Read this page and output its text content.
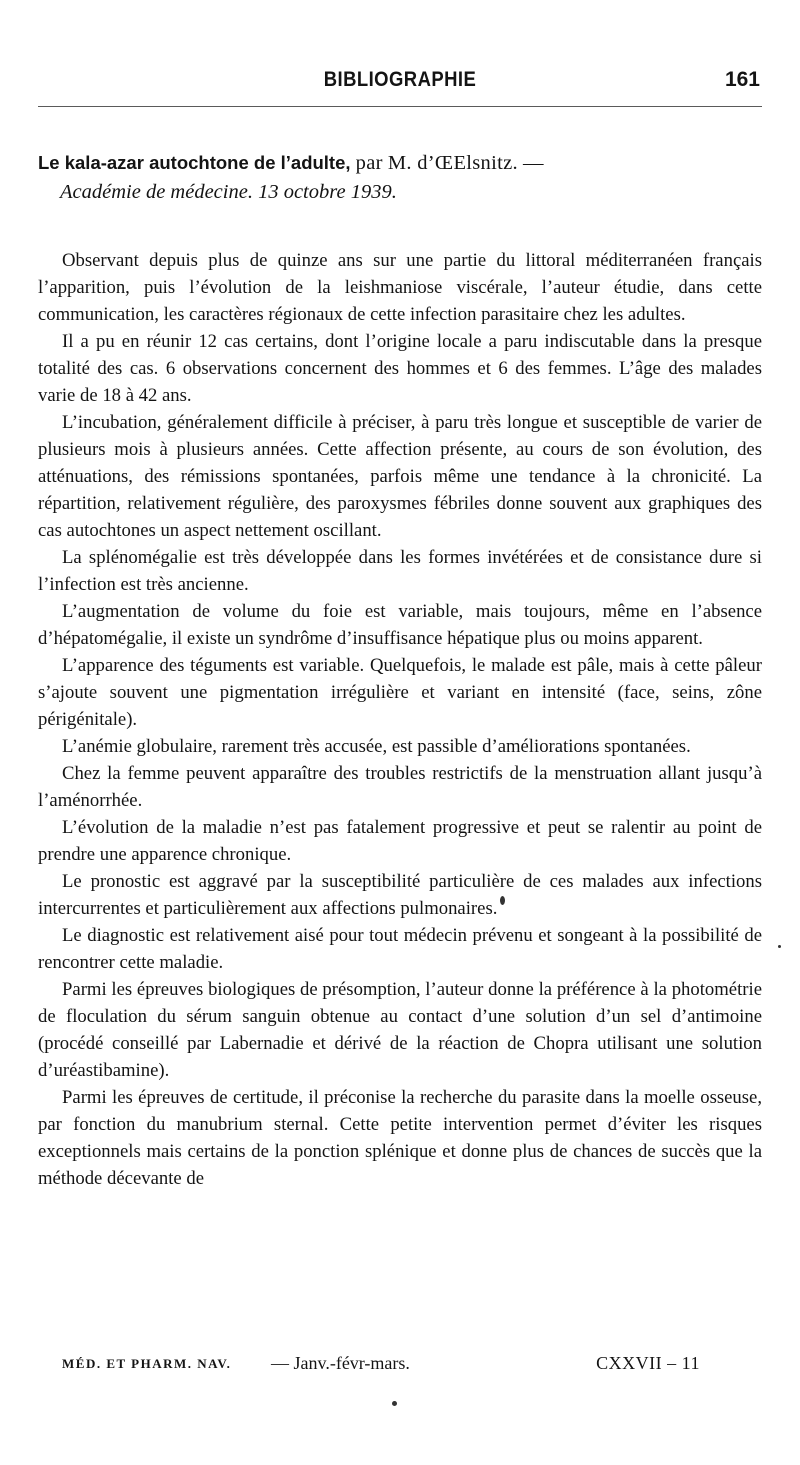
BIBLIOGRAPHIE	161
Le kala-azar autochtone de l’adulte, par M. d’ŒElsnitz. —
Académie de médecine. 13 octobre 1939.

Observant depuis plus de quinze ans sur une partie du littoral méditerranéen français l’apparition, puis l’évolution de la leishmaniose viscérale, l’auteur étudie, dans cette communication, les caractères régionaux de cette infection parasitaire chez les adultes.

Il a pu en réunir 12 cas certains, dont l’origine locale a paru indiscutable dans la presque totalité des cas. 6 observations concernent des hommes et 6 des femmes. L’âge des malades varie de 18 à 42 ans.

L’incubation, généralement difficile à préciser, à paru très longue et susceptible de varier de plusieurs mois à plusieurs années. Cette affection présente, au cours de son évolution, des atténuations, des rémissions spontanées, parfois même une tendance à la chronicité. La répartition, relativement régulière, des paroxysmes fébriles donne souvent aux graphiques des cas autochtones un aspect nettement oscillant.

La splénomégalie est très développée dans les formes invétérées et de consistance dure si l’infection est très ancienne.

L’augmentation de volume du foie est variable, mais toujours, même en l’absence d’hépatomégalie, il existe un syndrôme d’insuffisance hépatique plus ou moins apparent.

L’apparence des téguments est variable. Quelquefois, le malade est pâle, mais à cette pâleur s’ajoute souvent une pigmentation irrégulière et variant en intensité (face, seins, zône périgénitale).

L’anémie globulaire, rarement très accusée, est passible d’améliorations spontanées.

Chez la femme peuvent apparaître des troubles restrictifs de la menstruation allant jusqu’à l’aménorrhée.

L’évolution de la maladie n’est pas fatalement progressive et peut se ralentir au point de prendre une apparence chronique.

Le pronostic est aggravé par la susceptibilité particulière de ces malades aux infections intercurrentes et particulièrement aux affections pulmonaires.

Le diagnostic est relativement aisé pour tout médecin prévenu et songeant à la possibilité de rencontrer cette maladie.

Parmi les épreuves biologiques de présomption, l’auteur donne la préférence à la photométrie de floculation du sérum sanguin obtenue au contact d’une solution d’un sel d’antimoine (procédé conseillé par Labernadie et dérivé de la réaction de Chopra utilisant une solution d’uréastibamine).

Parmi les épreuves de certitude, il préconise la recherche du parasite dans la moelle osseuse, par fonction du manubrium sternal. Cette petite intervention permet d’éviter les risques exceptionnels mais certains de la ponction splénique et donne plus de chances de succès que la méthode décevante de

MÉD. ET PHARM. NAV. — Janv.-févr-mars.	CXXVII – 11
